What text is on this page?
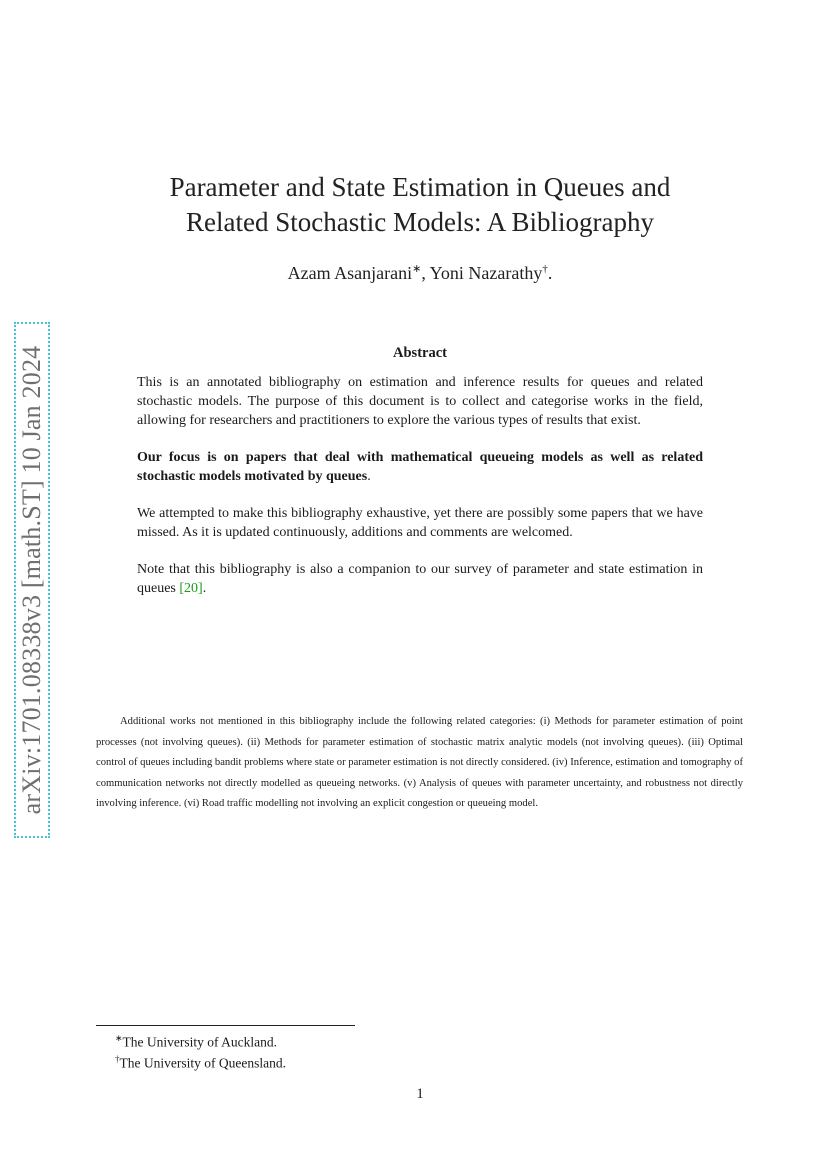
arXiv:1701.08338v3 [math.ST] 10 Jan 2024
Parameter and State Estimation in Queues and
Related Stochastic Models: A Bibliography
Azam Asanjarani∗, Yoni Nazarathy†.
Abstract

This is an annotated bibliography on estimation and inference results for queues and related stochastic models. The purpose of this document is to collect and categorise works in the field, allowing for researchers and practitioners to explore the various types of results that exist.

Our focus is on papers that deal with mathematical queueing models as well as related stochastic models motivated by queues.

We attempted to make this bibliography exhaustive, yet there are possibly some papers that we have missed. As it is updated continuously, additions and comments are welcomed.

Note that this bibliography is also a companion to our survey of parameter and state estimation in queues [20].

Additional works not mentioned in this bibliography include the following related categories: (i) Methods for parameter estimation of point processes (not involving queues). (ii) Methods for parameter estimation of stochastic matrix analytic models (not involving queues). (iii) Optimal control of queues including bandit problems where state or parameter estimation is not directly considered. (iv) Inference, estimation and tomography of communication networks not directly modelled as queueing networks. (v) Analysis of queues with parameter uncertainty, and robustness not directly involving inference. (vi) Road traffic modelling not involving an explicit congestion or queueing model.
∗The University of Auckland.
†The University of Queensland.
1
